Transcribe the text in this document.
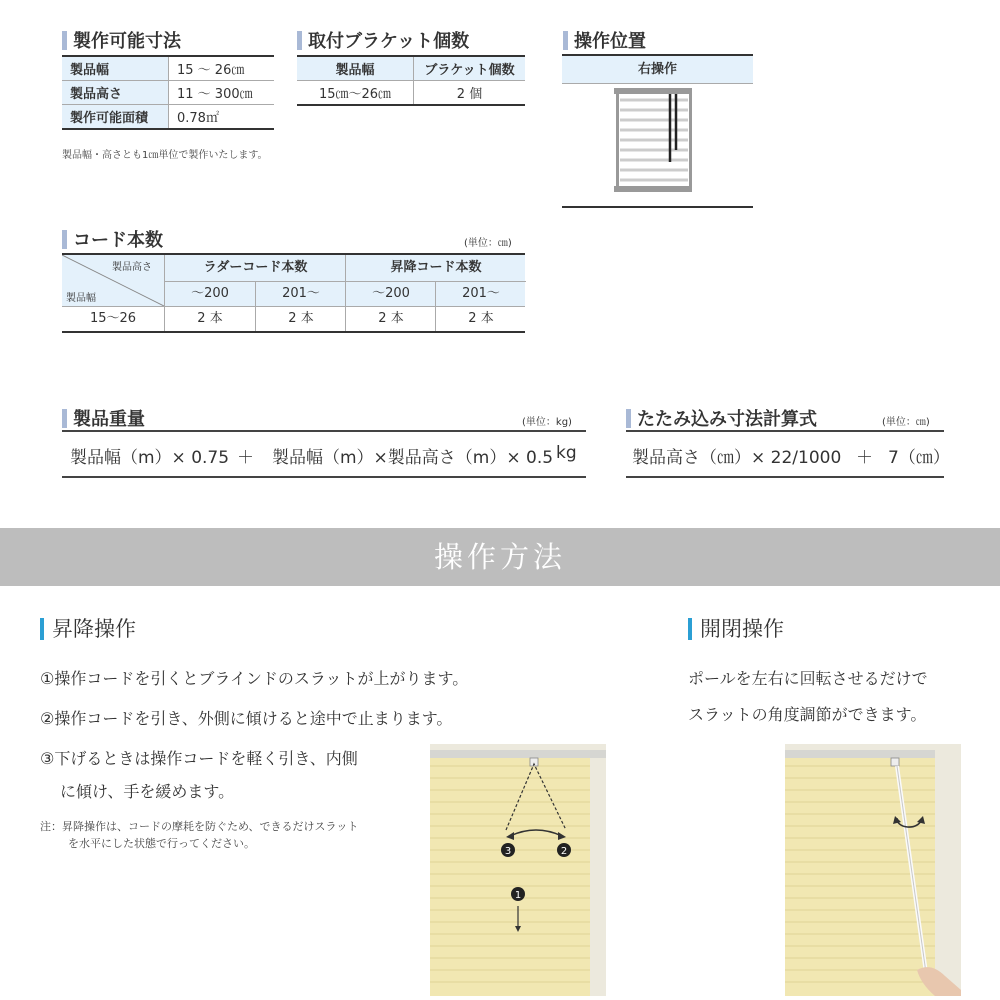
製作可能寸法
製品幅	15 ～ 26㎝
製品高さ	11 ～ 300㎝
製作可能面積	0.78㎡
製品幅・高さとも1㎝単位で製作いたします。
取付ブラケット個数
製品幅	ブラケット個数
15㎝～26㎝	2 個
操作位置
右操作
コード本数	(単位：㎝)
製品高さ
製品幅
ラダーコード本数	昇降コード本数
～200	201～	～200	201～
15～26	2 本	2 本	2 本	2 本
製品重量	(単位：kg)
製品幅（m）× 0.75 ＋ 製品幅（m）×製品高さ（m）× 0.5 kg
たたみ込み寸法計算式	(単位：㎝)
製品高さ（㎝）× 22/1000 ＋ 7（㎝）
操作方法
昇降操作
①操作コードを引くとブラインドのスラットが上がります。
②操作コードを引き、外側に傾けると途中で止まります。
③下げるときは操作コードを軽く引き、内側
に傾け、手を緩めます。
注：昇降操作は、コードの摩耗を防ぐため、できるだけスラット
を水平にした状態で行ってください。
3	2
1
開閉操作
ポールを左右に回転させるだけで
スラットの角度調節ができます。
